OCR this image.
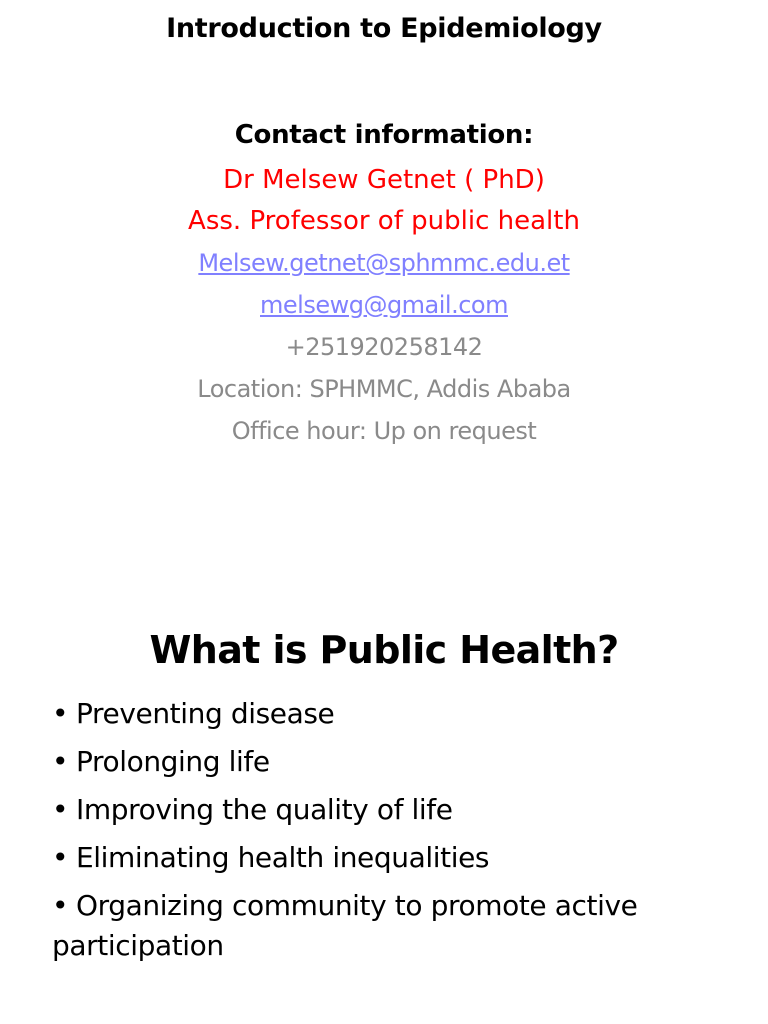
Introduction to Epidemiology
Contact information:
Dr Melsew Getnet ( PhD)
Ass. Professor of public health
Melsew.getnet@sphmmc.edu.et
melsewg@gmail.com
+251920258142
Location: SPHMMC, Addis Ababa
Office hour: Up on request
What is Public Health?
• Preventing disease
• Prolonging life
• Improving the quality of life
• Eliminating health inequalities
• Organizing community to promote active participation
